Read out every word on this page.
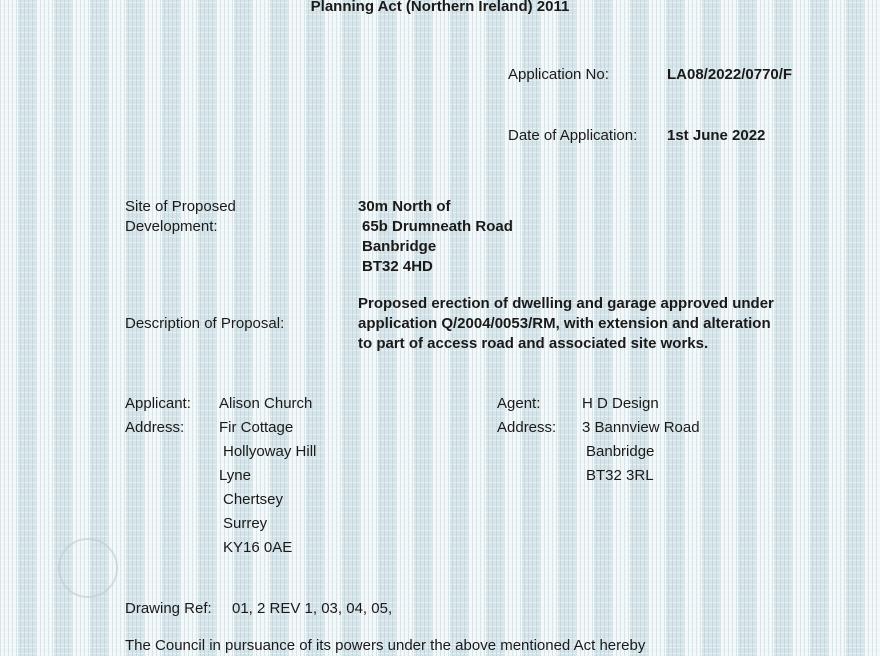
Planning Act (Northern Ireland) 2011
Application No:	LA08/2022/0770/F
Date of Application: 1st June 2022
Site of Proposed
Development:
30m North of
65b Drumneath Road
Banbridge
BT32 4HD
Description of Proposal:
Proposed erection of dwelling and garage approved under
application Q/2004/0053/RM, with extension and alteration
to part of access road and associated site works.
Applicant: Alison Church
Address: Fir Cottage
Hollyoway Hill
Lyne
Chertsey
Surrey
KY16 0AE
Agent:	H D Design
Address: 3 Bannview Road
Banbridge
BT32 3RL
Drawing Ref: 01, 2 REV 1, 03, 04, 05,
The Council in pursuance of its powers under the above mentioned Act hereby
